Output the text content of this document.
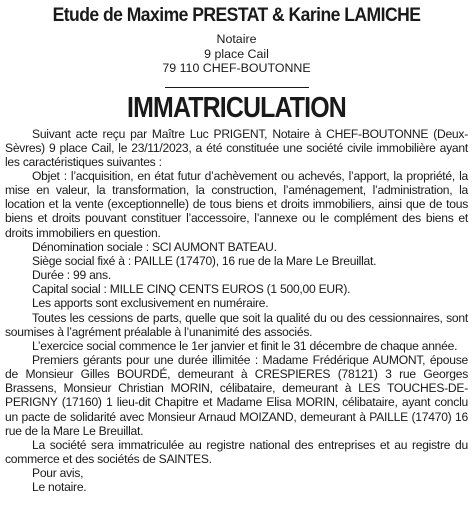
Etude de Maxime PRESTAT & Karine LAMICHE
Notaire
9 place Cail
79 110 CHEF-BOUTONNE
IMMATRICULATION

Suivant acte reçu par Maître Luc PRIGENT, Notaire à CHEF-BOUTONNE (Deux-Sèvres) 9 place Cail, le 23/11/2023, a été constituée une société civile immobilière ayant les caractéristiques suivantes :

Objet : l’acquisition, en état futur d’achèvement ou achevés, l’apport, la propriété, la mise en valeur, la transformation, la construction, l’aménagement, l’administration, la location et la vente (exceptionnelle) de tous biens et droits immobiliers, ainsi que de tous biens et droits pouvant constituer l’accessoire, l’annexe ou le complément des biens et droits immobiliers en question.

Dénomination sociale : SCI AUMONT BATEAU.

Siège social fixé à : PAILLE (17470), 16 rue de la Mare Le Breuillat.

Durée : 99 ans.

Capital social : MILLE CINQ CENTS EUROS (1 500,00 EUR).

Les apports sont exclusivement en numéraire.

Toutes les cessions de parts, quelle que soit la qualité du ou des cessionnaires, sont soumises à l’agrément préalable à l’unanimité des associés.

L’exercice social commence le 1er janvier et finit le 31 décembre de chaque année.

Premiers gérants pour une durée illimitée : Madame Frédérique AUMONT, épouse de Monsieur Gilles BOURDÉ, demeurant à CRESPIERES (78121) 3 rue Georges Brassens, Monsieur Christian MORIN, célibataire, demeurant à LES TOUCHES-DE-PERIGNY (17160) 1 lieu-dit Chapitre et Madame Elisa MORIN, célibataire, ayant conclu un pacte de solidarité avec Monsieur Arnaud MOIZAND, demeurant à PAILLE (17470) 16 rue de la Mare Le Breuillat.

La société sera immatriculée au registre national des entreprises et au registre du commerce et des sociétés de SAINTES.

Pour avis,

Le notaire.
